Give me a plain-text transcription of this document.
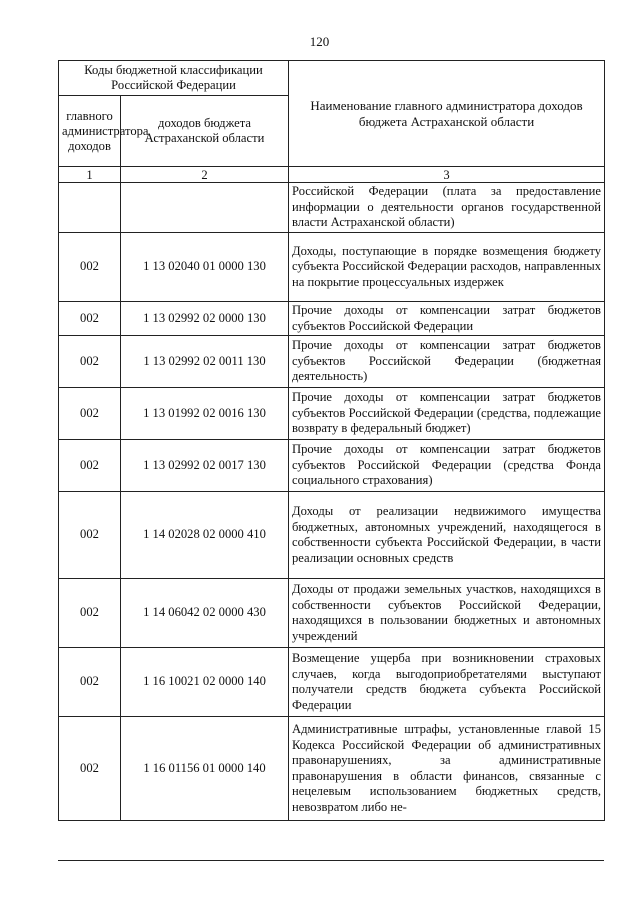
120
Коды бюджетной классификации Российской Федерации		Наименование главного администратора доходов бюджета Астраханской области
главного администратора доходов	доходов бюджета Астраханской области	
1	2	3
		Российской Федерации (плата за предоставление информации о деятельности органов государственной власти Астраханской области)
002	1 13 02040 01 0000 130	Доходы, поступающие в порядке возмещения бюджету субъекта Российской Федерации расходов, направленных на покрытие процессуальных издержек
002	1 13 02992 02 0000 130	Прочие доходы от компенсации затрат бюджетов субъектов Российской Федерации
002	1 13 02992 02 0011 130	Прочие доходы от компенсации затрат бюджетов субъектов Российской Федерации (бюджетная деятельность)
002	1 13 01992 02 0016 130	Прочие доходы от компенсации затрат бюджетов субъектов Российской Федерации (средства, подлежащие возврату в федеральный бюджет)
002	1 13 02992 02 0017 130	Прочие доходы от компенсации затрат бюджетов субъектов Российской Федерации (средства Фонда социального страхования)
002	1 14 02028 02 0000 410	Доходы от реализации недвижимого имущества бюджетных, автономных учреждений, находящегося в собственности субъекта Российской Федерации, в части реализации основных средств
002	1 14 06042 02 0000 430	Доходы от продажи земельных участков, находящихся в собственности субъектов Российской Федерации, находящихся в пользовании бюджетных и автономных учреждений
002	1 16 10021 02 0000 140	Возмещение ущерба при возникновении страховых случаев, когда выгодоприобретателями выступают получатели средств бюджета субъекта Российской Федерации
002	1 16 01156 01 0000 140	Административные штрафы, установленные главой 15 Кодекса Российской Федерации об административных правонарушениях, за административные правонарушения в области финансов, связанные с нецелевым использованием бюджетных средств, невозвратом либо не-
